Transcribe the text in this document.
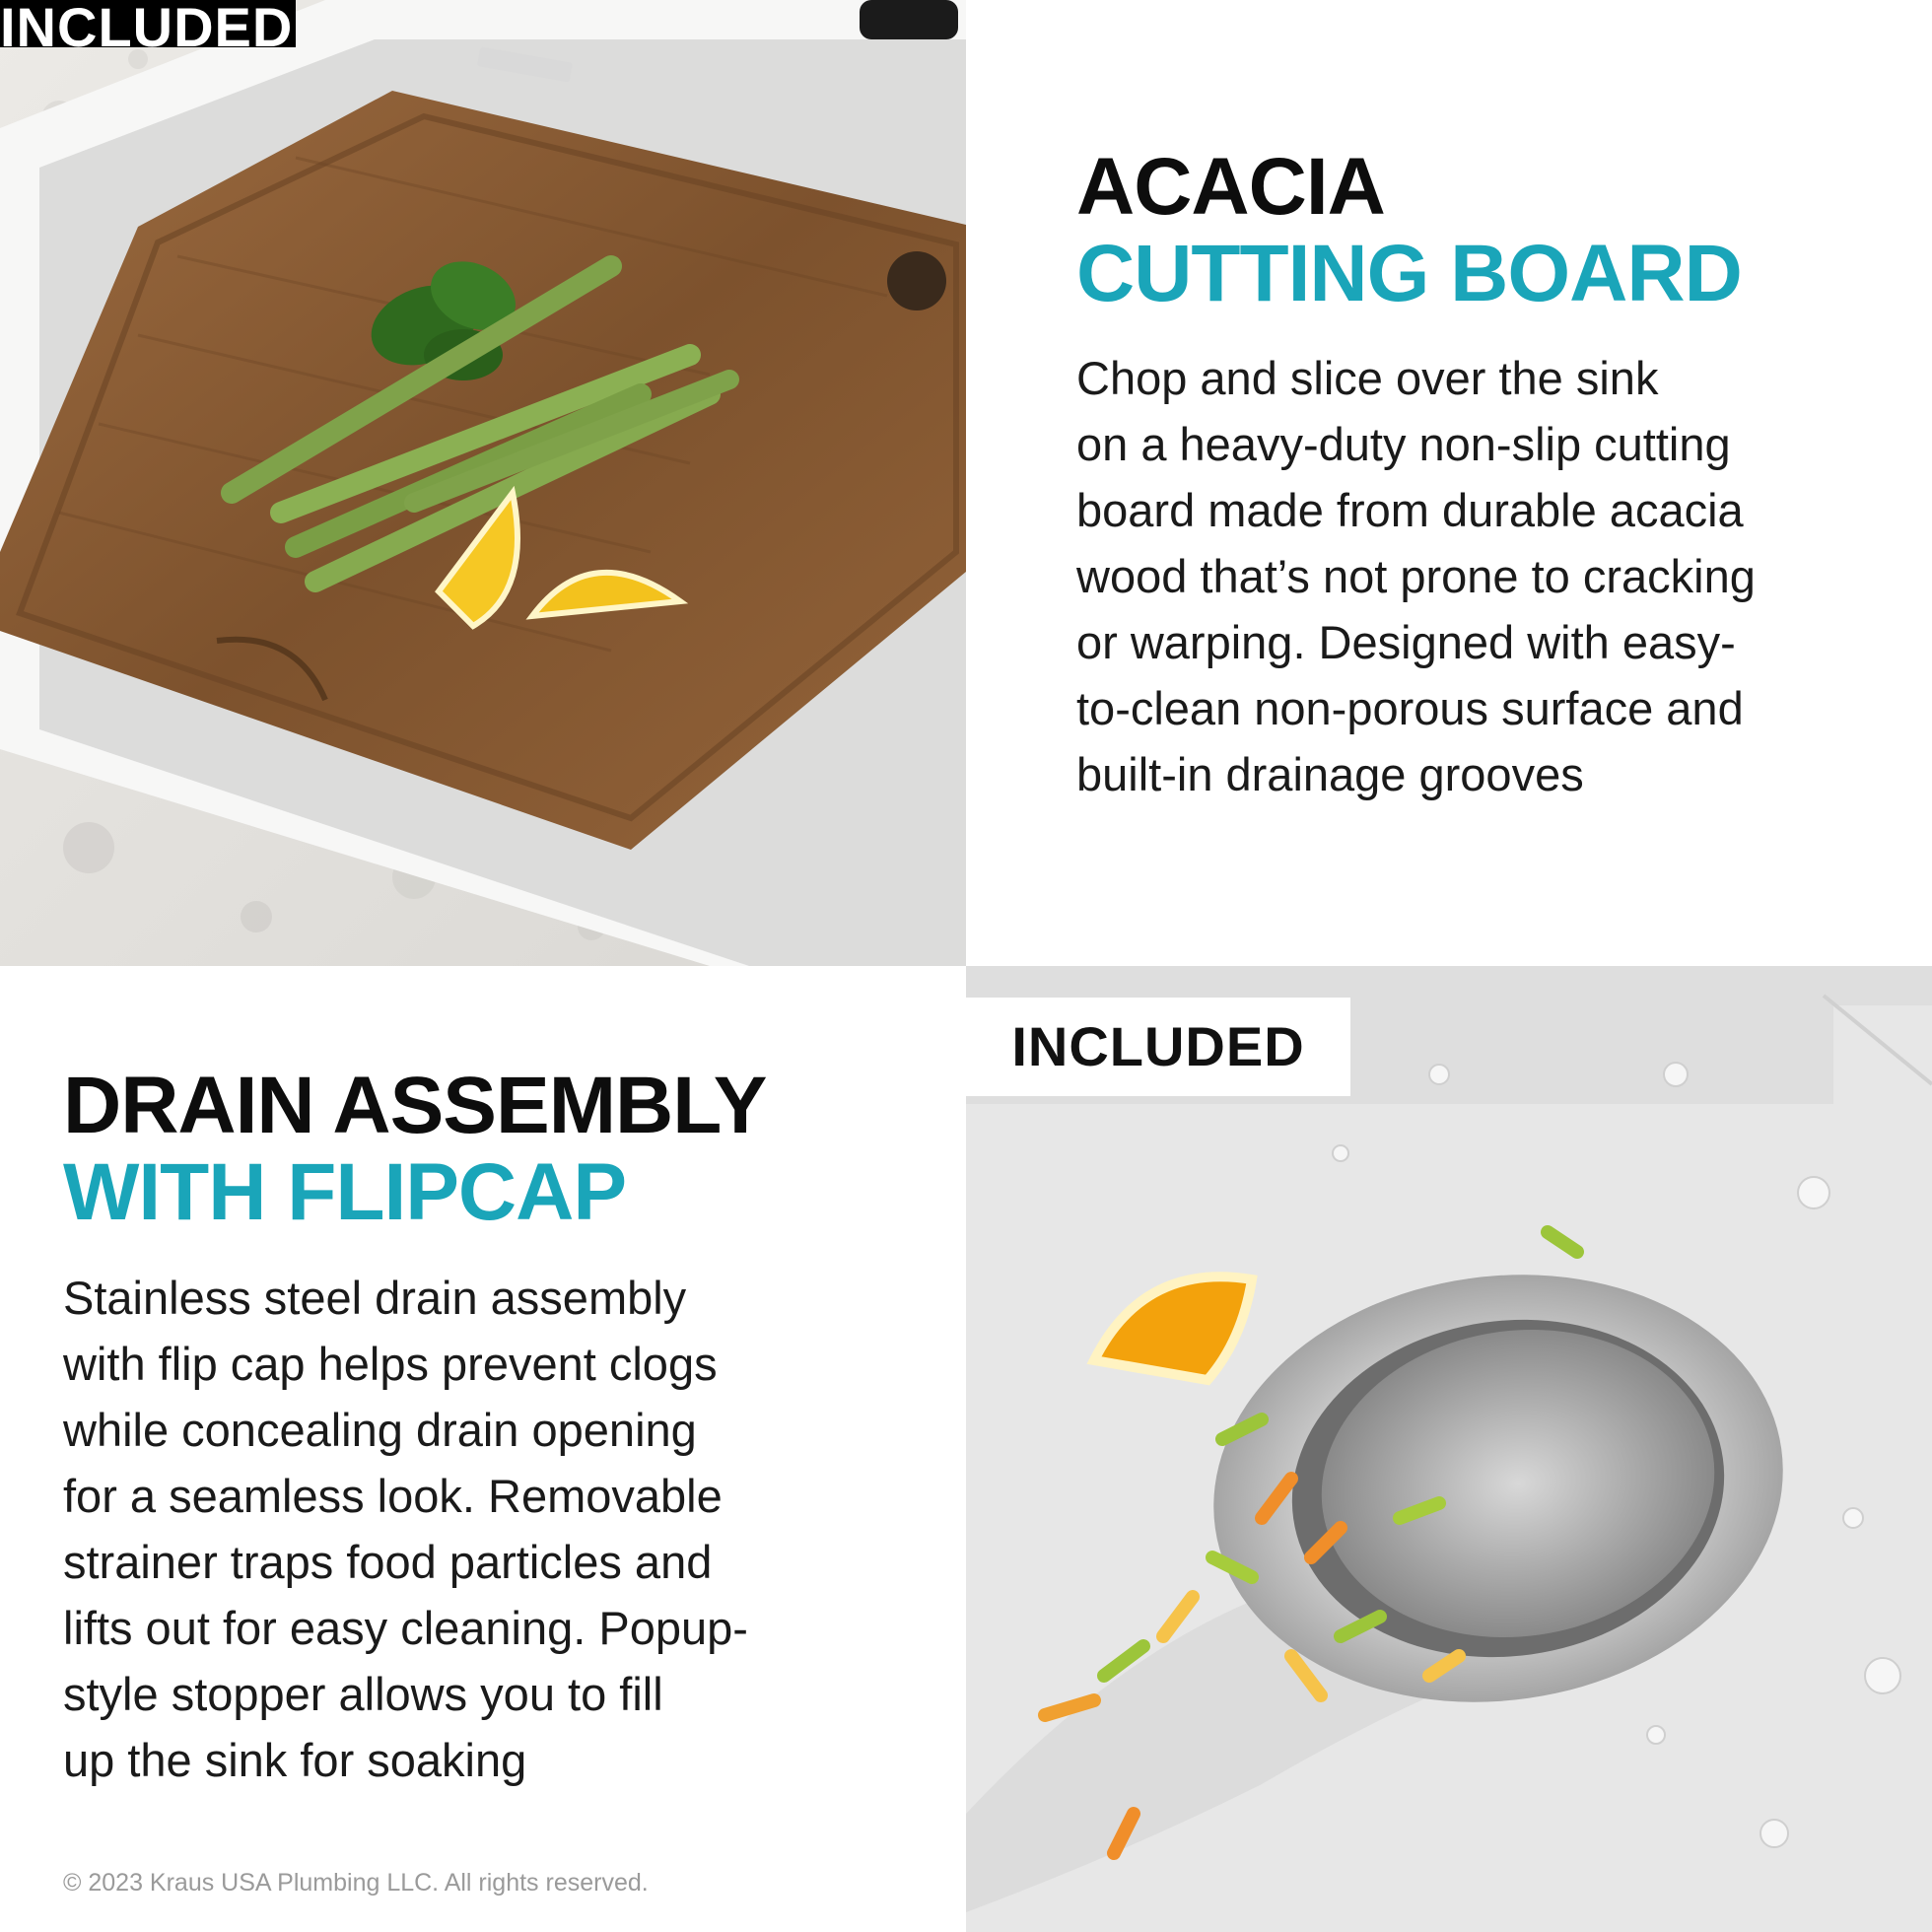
INCLUDED
ACACIA
CUTTING BOARD

Chop and slice over the sink
on a heavy-duty non-slip cutting
board made from durable acacia
wood that’s not prone to cracking
or warping. Designed with easy-
to-clean non-porous surface and
built-in drainage grooves

DRAIN ASSEMBLY
WITH FLIPCAP

Stainless steel drain assembly
with flip cap helps prevent clogs
while concealing drain opening
for a seamless look. Removable
strainer traps food particles and
lifts out for easy cleaning. Popup-
style stopper allows you to fill
up the sink for soaking

© 2023 Kraus USA Plumbing LLC. All rights reserved.
INCLUDED
